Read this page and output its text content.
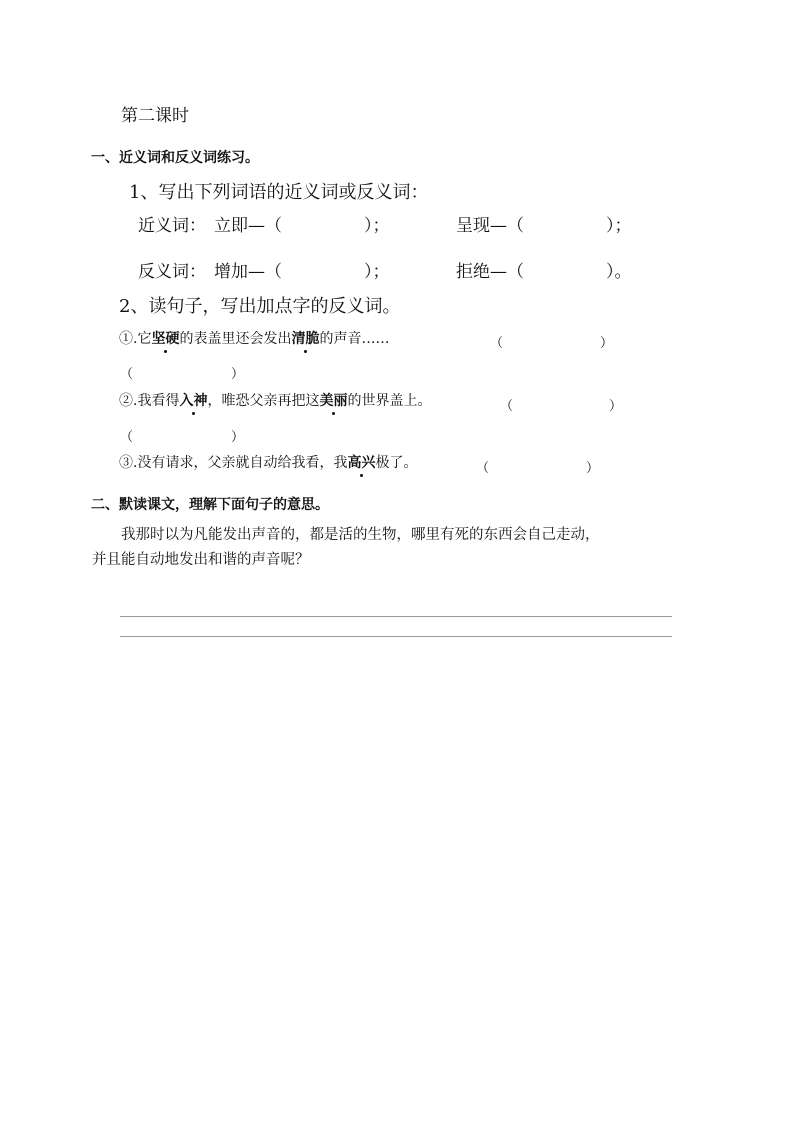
第二课时
一、近义词和反义词练习。
1、写出下列词语的近义词或反义词：
近义词： 立即—（	）；	呈现—（	）；
反义词： 增加—（	）；	拒绝—（	）。
2、读句子，写出加点字的反义词。
①.它坚硬的表盖里还会发出清脆的声音……	（	）
（	）
②.我看得入神，唯恐父亲再把这美丽的世界盖上。	（	）
（	）
③.没有请求，父亲就自动给我看，我高兴极了。	（	）
二、默读课文，理解下面句子的意思。
我那时以为凡能发出声音的，都是活的生物，哪里有死的东西会自己走动，
并且能自动地发出和谐的声音呢？
